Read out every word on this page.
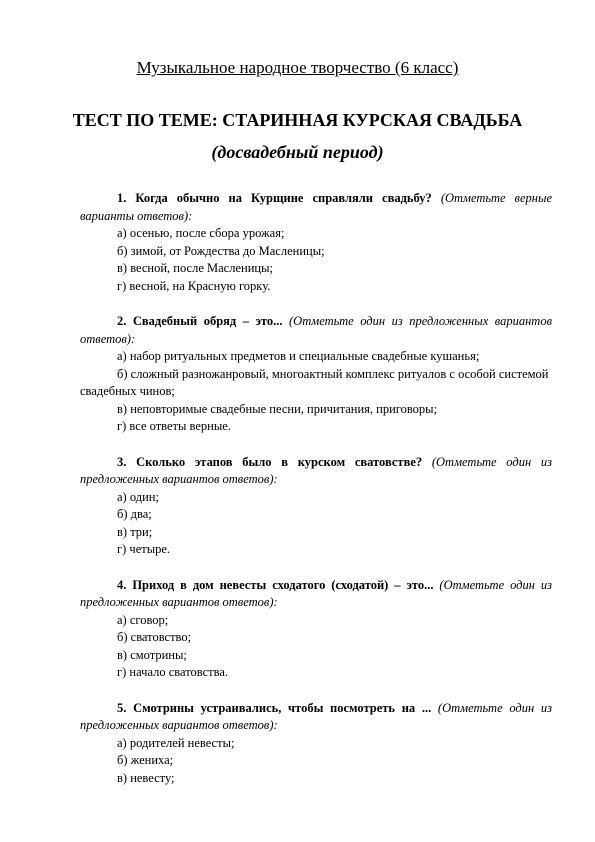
Музыкальное народное творчество (6 класс)
ТЕСТ ПО ТЕМЕ: СТАРИННАЯ КУРСКАЯ СВАДЬБА (досвадебный период)
1. Когда обычно на Курщине справляли свадьбу? (Отметьте верные варианты ответов):
а) осенью, после сбора урожая;
б) зимой, от Рождества до Масленицы;
в) весной, после Масленицы;
г) весной, на Красную горку.
2. Свадебный обряд – это... (Отметьте один из предложенных вариантов ответов):
а) набор ритуальных предметов и специальные свадебные кушанья;
б) сложный разножанровый, многоактный комплекс ритуалов с особой системой свадебных чинов;
в) неповторимые свадебные песни, причитания, приговоры;
г) все ответы верные.
3. Сколько этапов было в курском сватовстве? (Отметьте один из предложенных вариантов ответов):
а) один;
б) два;
в) три;
г) четыре.
4. Приход в дом невесты сходатого (сходатой) – это... (Отметьте один из предложенных вариантов ответов):
а) сговор;
б) сватовство;
в) смотрины;
г) начало сватовства.
5. Смотрины устраивались, чтобы посмотреть на ... (Отметьте один из предложенных вариантов ответов):
а) родителей невесты;
б) жениха;
в) невесту;
